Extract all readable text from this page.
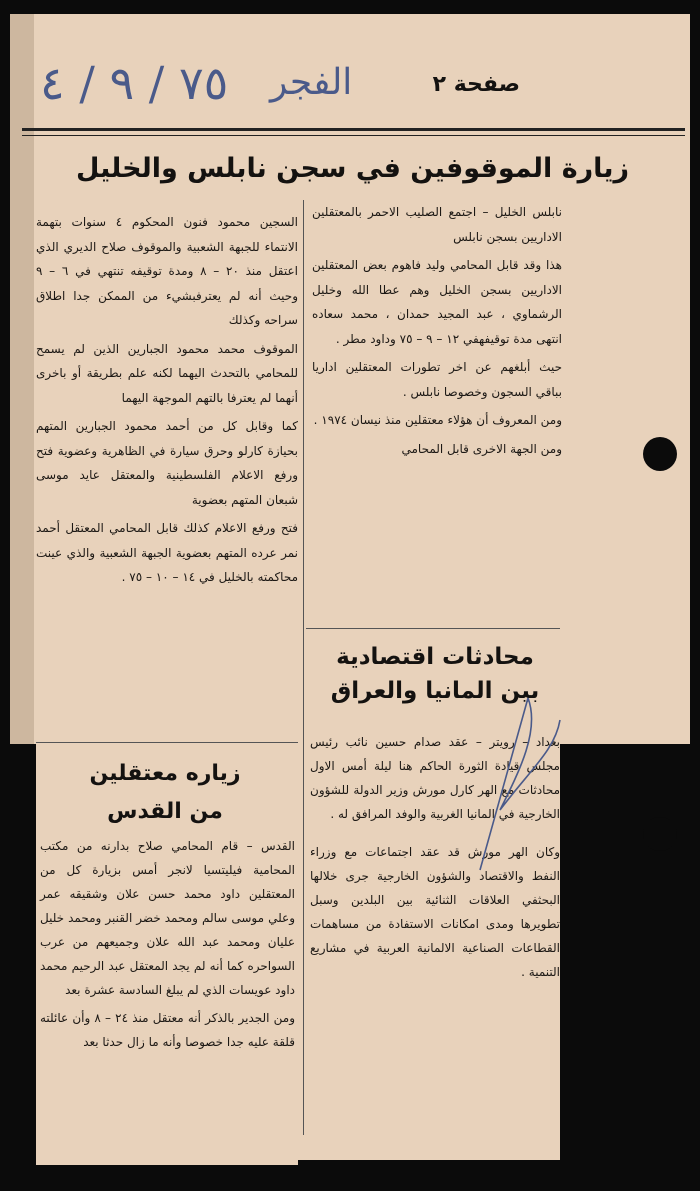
صفحة ٢
الفجر
٧٥ / ٩ / ٤
زيارة الموقوفين في سجن نابلس والخليل

نابلس الخليل – اجتمع الصليب الاحمر بالمعتقلين الاداريين بسجن نابلس

هذا وقد قابل المحامي وليد فاهوم بعض المعتقلين الاداريين بسجن الخليل وهم عطا الله وخليل الرشماوي ، عبد المجيد حمدان ، محمد سعاده انتهى مدة توقيفهفي ١٢ – ٩ – ٧٥ وداود مطر .

حيث أبلغهم عن اخر تطورات المعتقلين اداريا بباقي السجون وخصوصا نابلس .

ومن المعروف أن هؤلاء معتقلين منذ نيسان ١٩٧٤ .

ومن الجهة الاخرى قابل المحامي

السجين محمود فنون المحكوم ٤ سنوات بتهمة الانتماء للجبهة الشعبية والموقوف صلاح الديري الذي اعتقل منذ ٢٠ – ٨ ومدة توقيفه تنتهي في ٦ – ٩ وحيث أنه لم يعترفبشيء من الممكن جدا اطلاق سراحه وكذلك

الموقوف محمد محمود الجبارين الذين لم يسمح للمحامي بالتحدث اليهما لكنه علم بطريقة أو باخرى أنهما لم يعترفا بالتهم الموجهة اليهما

كما وقابل كل من أحمد محمود الجبارين المتهم بحيازة كارلو وحرق سيارة في الظاهرية وعضوية فتح ورفع الاعلام الفلسطينية والمعتقل عايد موسى شبعان المتهم بعضوية

فتح ورفع الاعلام كذلك قابل المحامي المعتقل أحمد نمر عرده المتهم بعضوية الجبهة الشعبية والذي عينت محاكمته بالخليل في ١٤ – ١٠ – ٧٥ .

زياره معتقلين من القدس

القدس – قام المحامي صلاح بدارنه من مكتب المحامية فيليتسيا لانجر أمس بزيارة كل من المعتقلين داود محمد حسن علان وشقيقه عمر وعلي موسى سالم ومحمد خضر القنبر ومحمد خليل عليان ومحمد عبد الله علان وجميعهم من عرب السواحره كما أنه لم يجد المعتقل عبد الرحيم محمد داود عويسات الذي لم يبلغ السادسة عشرة بعد

ومن الجدير بالذكر أنه معتقل منذ ٢٤ – ٨ وأن عائلته قلقة عليه جدا خصوصا وأنه ما زال حدثا بعد

محادثات اقتصادية بين المانيا والعراق

بغداد – رويتر – عقد صدام حسين نائب رئيس مجلس قيادة الثورة الحاكم هنا ليلة أمس الاول محادثات مع الهر كارل مورش وزير الدولة للشؤون الخارجية في المانيا الغربية والوفد المرافق له .

وكان الهر مورش قد عقد اجتماعات مع وزراء النفط والاقتصاد والشؤون الخارجية جرى خلالها البحثفي العلاقات الثنائية بين البلدين وسبل تطويرها ومدى امكانات الاستفادة من مساهمات القطاعات الصناعية الالمانية العربية في مشاريع التنمية .
